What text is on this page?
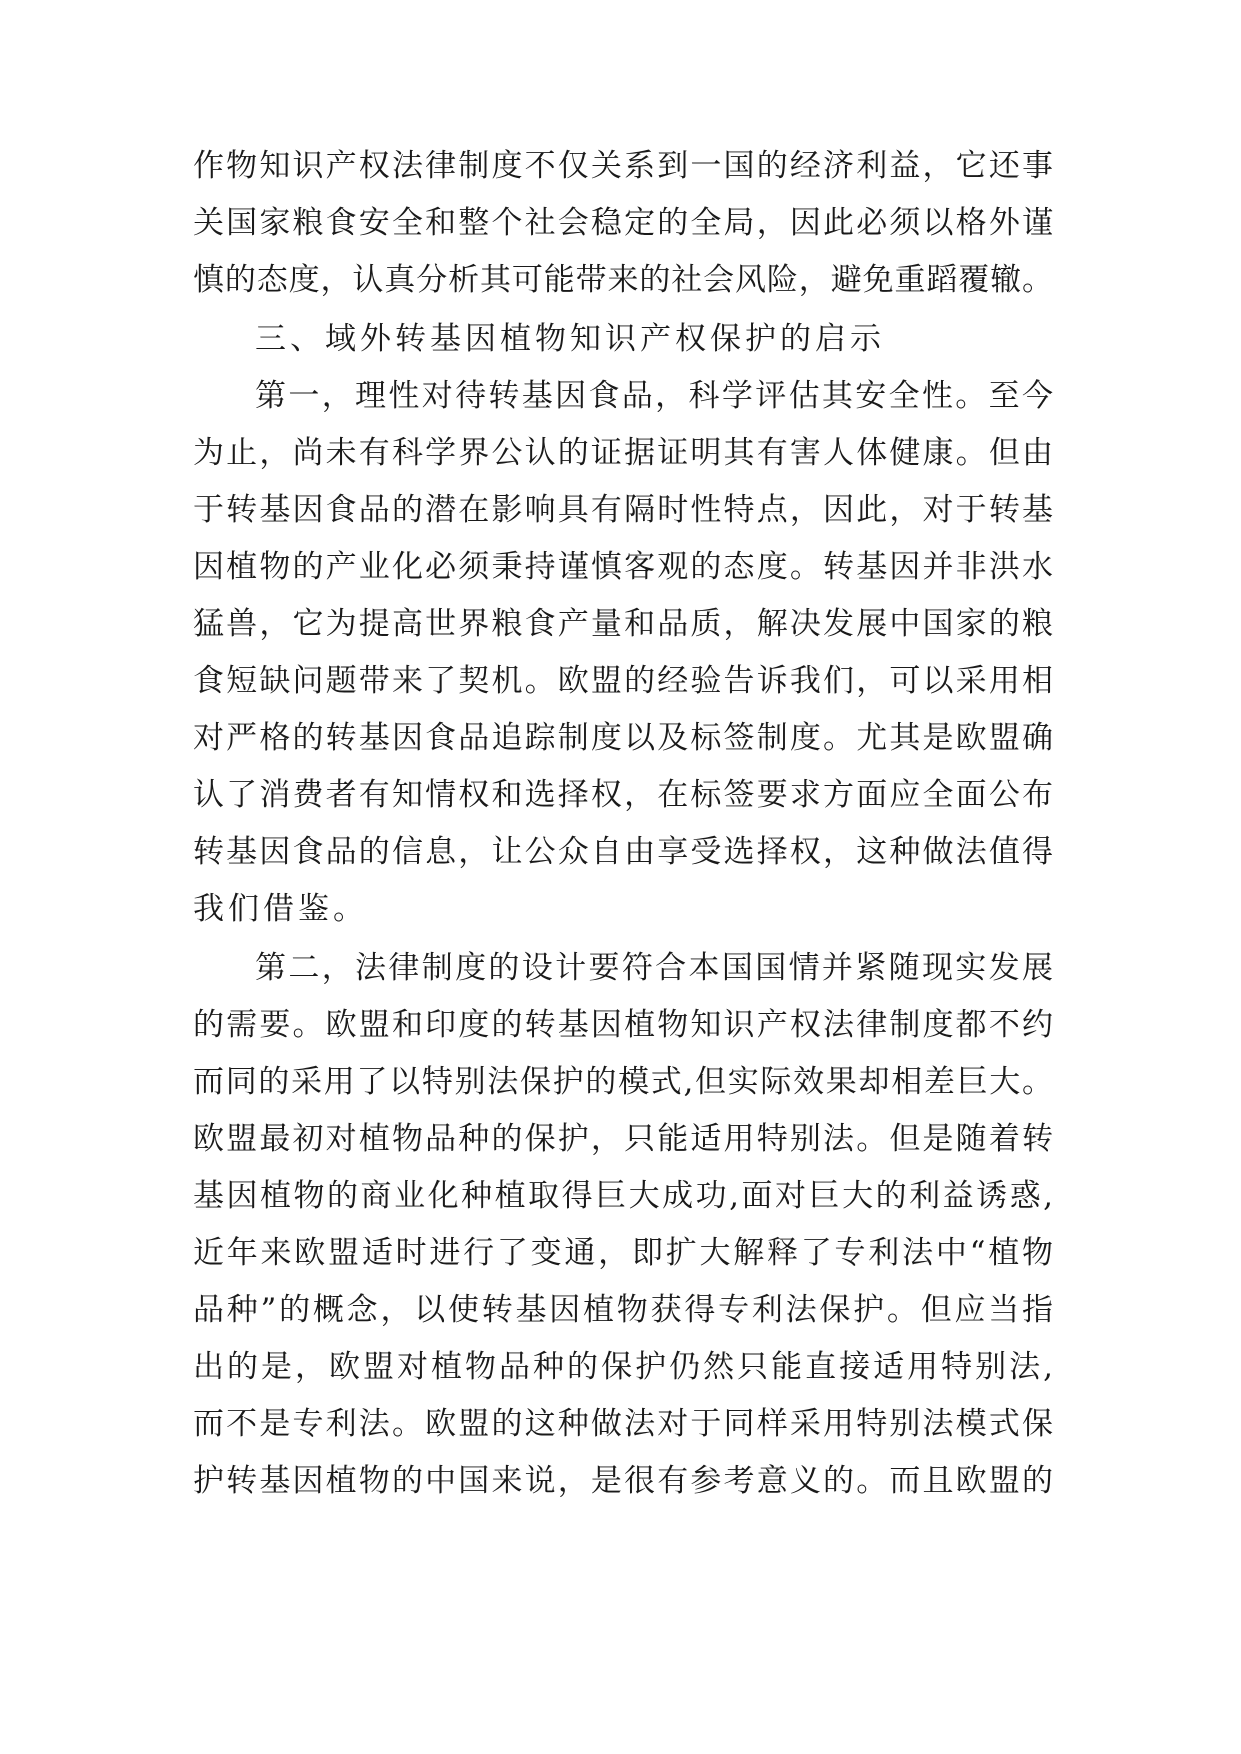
作物知识产权法律制度不仅关系到一国的经济利益，它还事
关国家粮食安全和整个社会稳定的全局，因此必须以格外谨
慎的态度，认真分析其可能带来的社会风险，避免重蹈覆辙。
三、域外转基因植物知识产权保护的启示
第一，理性对待转基因食品，科学评估其安全性。至今
为止，尚未有科学界公认的证据证明其有害人体健康。但由
于转基因食品的潜在影响具有隔时性特点，因此，对于转基
因植物的产业化必须秉持谨慎客观的态度。转基因并非洪水
猛兽，它为提高世界粮食产量和品质，解决发展中国家的粮
食短缺问题带来了契机。欧盟的经验告诉我们，可以采用相
对严格的转基因食品追踪制度以及标签制度。尤其是欧盟确
认了消费者有知情权和选择权，在标签要求方面应全面公布
转基因食品的信息，让公众自由享受选择权，这种做法值得
我们借鉴。
第二，法律制度的设计要符合本国国情并紧随现实发展
的需要。欧盟和印度的转基因植物知识产权法律制度都不约
而同的采用了以特别法保护的模式,但实际效果却相差巨大。
欧盟最初对植物品种的保护，只能适用特别法。但是随着转
基因植物的商业化种植取得巨大成功,面对巨大的利益诱惑,
近年来欧盟适时进行了变通，即扩大解释了专利法中“植物
品种”的概念，以使转基因植物获得专利法保护。但应当指
出的是，欧盟对植物品种的保护仍然只能直接适用特别法,
而不是专利法。欧盟的这种做法对于同样采用特别法模式保
护转基因植物的中国来说，是很有参考意义的。而且欧盟的
